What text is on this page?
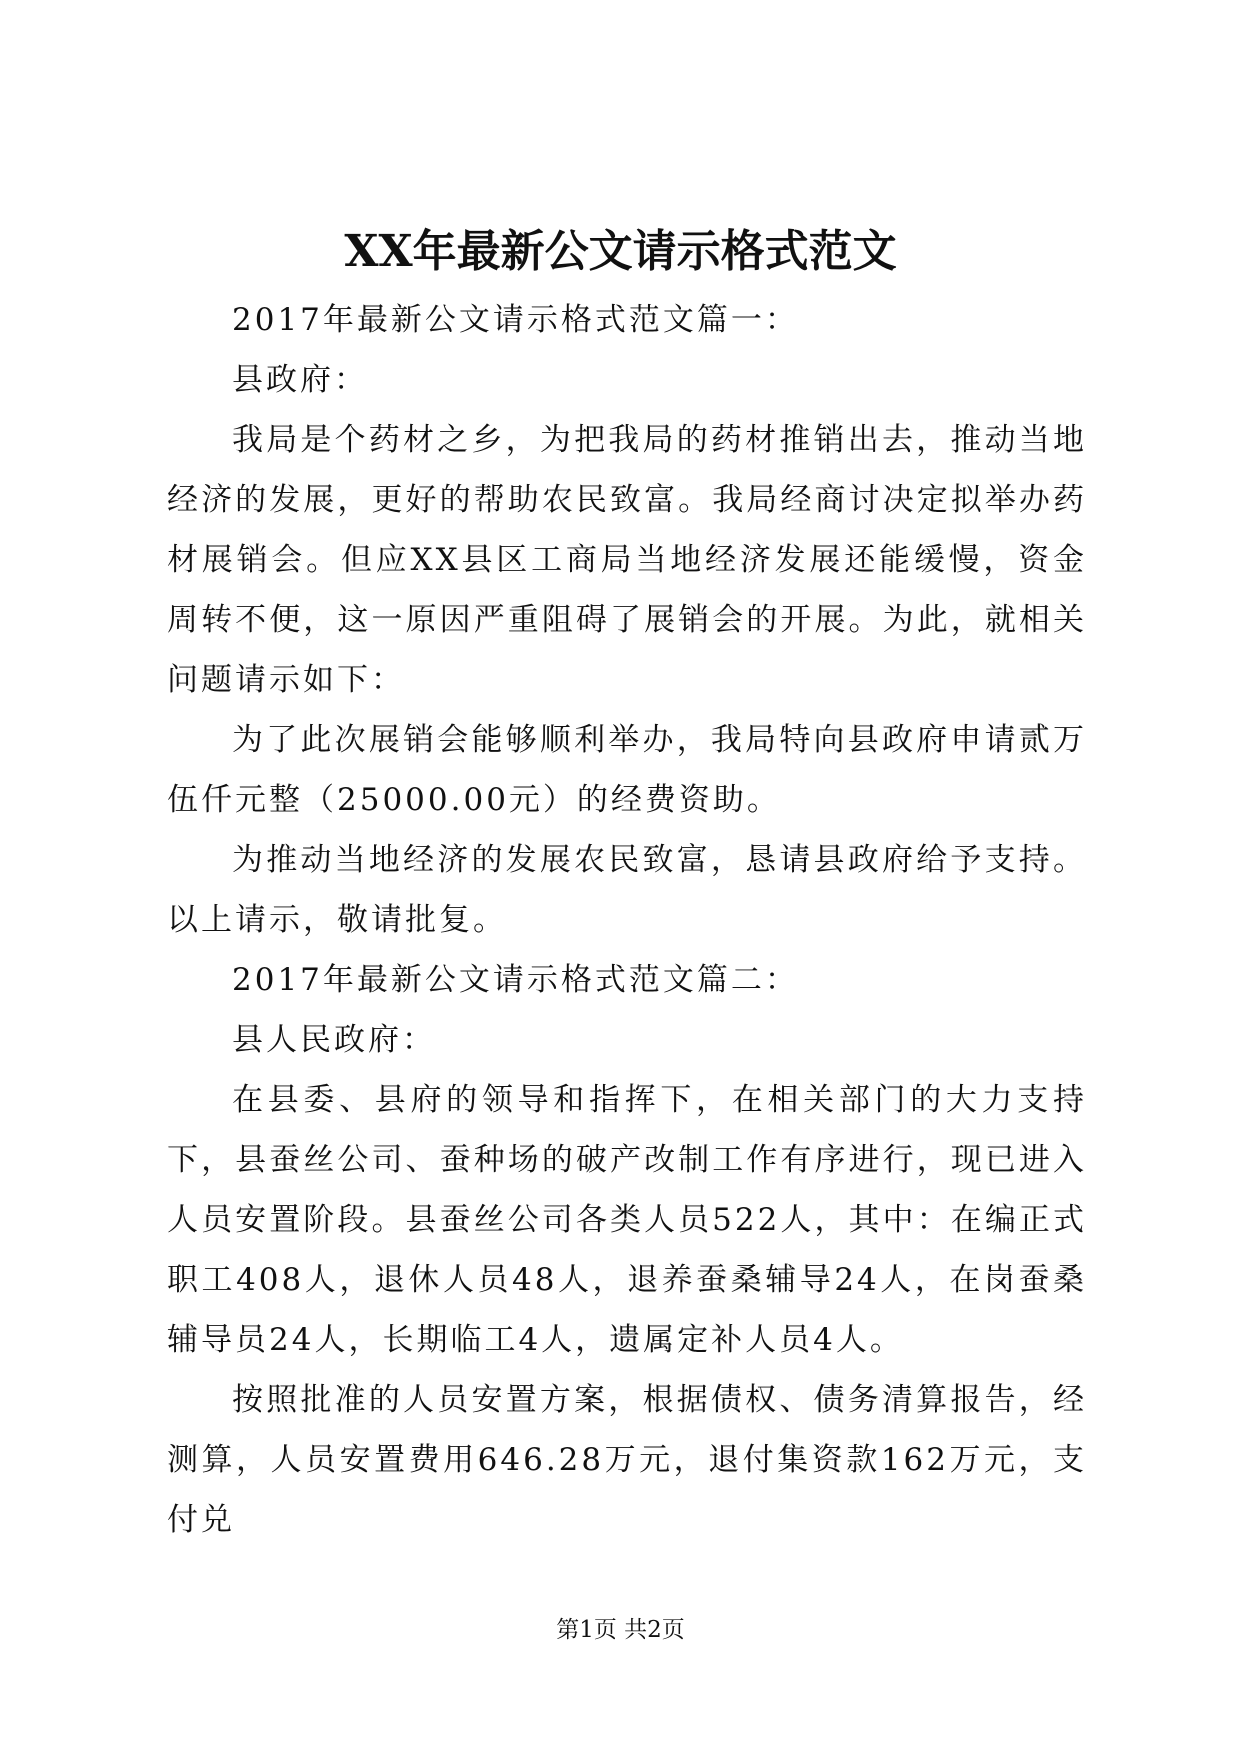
XX年最新公文请示格式范文

2017年最新公文请示格式范文篇一：

县政府：

我局是个药材之乡，为把我局的药材推销出去，推动当地经济的发展，更好的帮助农民致富。我局经商讨决定拟举办药材展销会。但应XX县区工商局当地经济发展还能缓慢，资金周转不便，这一原因严重阻碍了展销会的开展。为此，就相关问题请示如下：

为了此次展销会能够顺利举办，我局特向县政府申请贰万伍仟元整（25000.00元）的经费资助。

为推动当地经济的发展农民致富，恳请县政府给予支持。以上请示，敬请批复。

2017年最新公文请示格式范文篇二：

县人民政府：

在县委、县府的领导和指挥下，在相关部门的大力支持下，县蚕丝公司、蚕种场的破产改制工作有序进行，现已进入人员安置阶段。县蚕丝公司各类人员522人，其中：在编正式职工408人，退休人员48人，退养蚕桑辅导24人，在岗蚕桑辅导员24人，长期临工4人，遗属定补人员4人。

按照批准的人员安置方案，根据债权、债务清算报告，经测算，人员安置费用646.28万元，退付集资款162万元，支付兑

第1页 共2页
